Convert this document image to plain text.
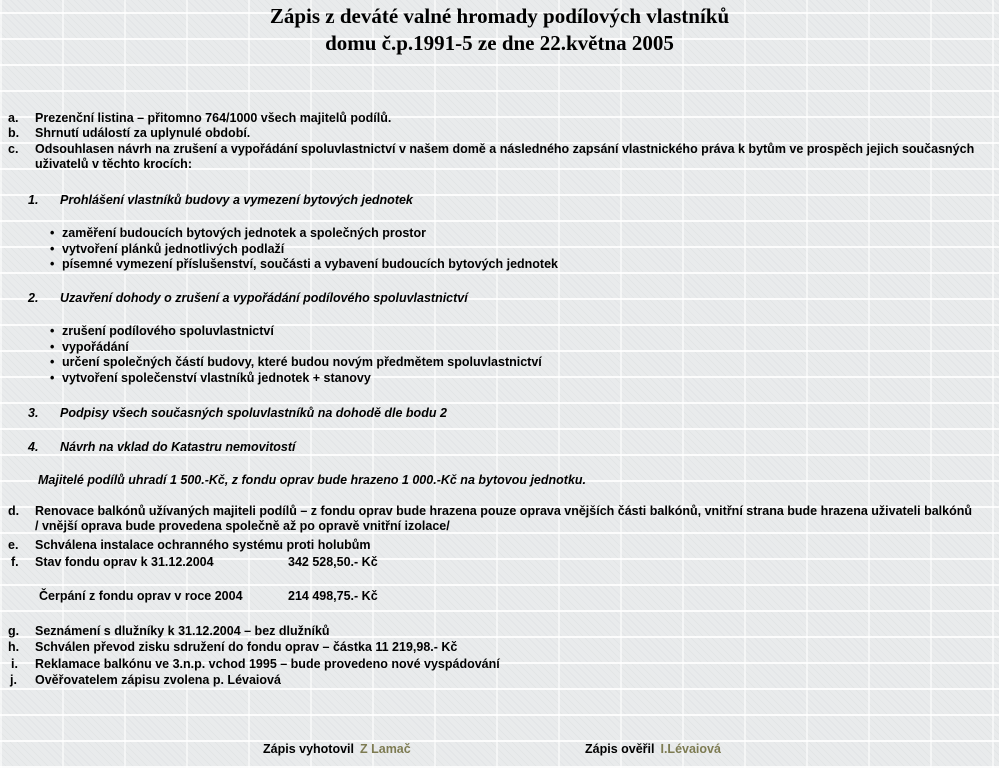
Zápis z deváté valné hromady podílových vlastníků
domu č.p.1991-5 ze dne 22.května 2005
a. Prezenční listina – přitomno 764/1000 všech majitelů podílů.
b. Shrnutí událostí za uplynulé období.
c. Odsouhlasen návrh na zrušení a vypořádání spoluvlastnictví v našem domě a následného zapsání vlastnického práva k bytům ve prospěch jejich současných uživatelů v těchto krocích:
1. Prohlášení vlastníků budovy a vymezení bytových jednotek
• zaměření budoucích bytových jednotek a společných prostor
• vytvoření plánků jednotlivých podlaží
• písemné vymezení příslušenství, součásti a vybavení budoucích bytových jednotek
2. Uzavření dohody o zrušení a vypořádání podílového spoluvlastnictví
• zrušení podílového spoluvlastnictví
• vypořádání
• určení společných částí budovy, které budou novým předmětem spoluvlastnictví
• vytvoření společenství vlastníků jednotek + stanovy
3. Podpisy všech současných spoluvlastníků na dohodě dle bodu 2
4. Návrh na vklad do Katastru nemovitostí
Majitelé podílů uhradí 1 500.-Kč, z fondu oprav bude hrazeno 1 000.-Kč na bytovou jednotku.
d. Renovace balkónů užívaných majiteli podílů – z fondu oprav bude hrazena pouze oprava vnějších části balkónů, vnitřní strana bude hrazena uživateli balkónů / vnější oprava bude provedena společně až po opravě vnitřní izolace/
e. Schválena instalace ochranného systému proti holubům
f. Stav fondu oprav k 31.12.2004	342 528,50.- Kč
Čerpání z fondu oprav v roce 2004	214 498,75.- Kč
g. Seznámení s dlužníky k 31.12.2004 – bez dlužníků
h. Schválen převod zisku sdružení do fondu oprav – částka 11 219,98.- Kč
i. Reklamace balkónu ve 3.n.p. vchod 1995 – bude provedeno nové vyspádování
j. Ověřovatelem zápisu zvolena p. Lévaiová
Zápis vyhotovil Z Lamač	Zápis ověřil I.Lévaiová
